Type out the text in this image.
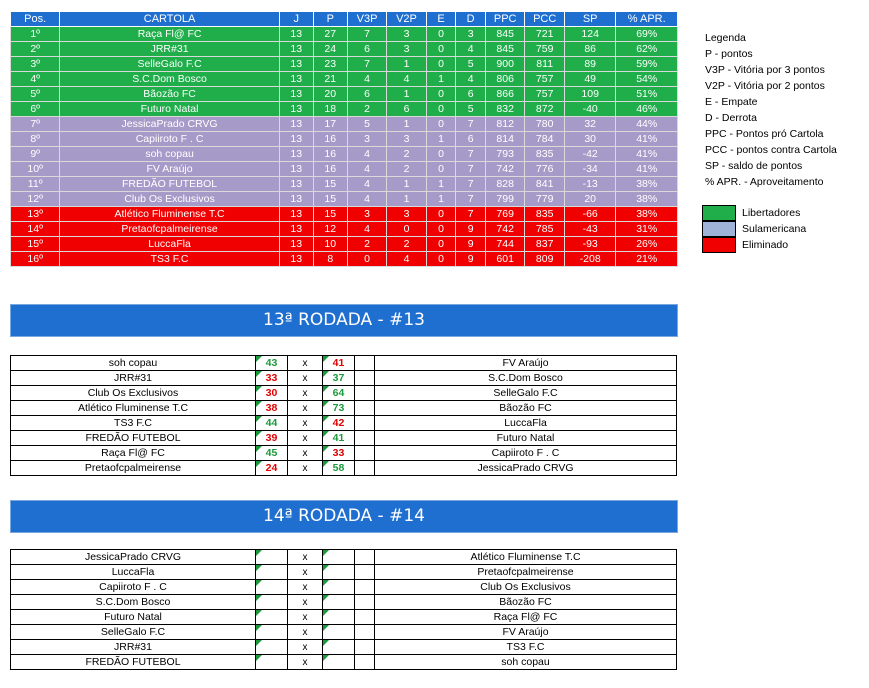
Pos.	CARTOLA	J	P	V3P	V2P	E	D	PPC	PCC	SP	% APR.
1º	Raça Fl@ FC	13	27	7	3	0	3	845	721	124	69%
2º	JRR#31	13	24	6	3	0	4	845	759	86	62%
3º	SelleGalo F.C	13	23	7	1	0	5	900	811	89	59%
4º	S.C.Dom Bosco	13	21	4	4	1	4	806	757	49	54%
5º	Bãozão FC	13	20	6	1	0	6	866	757	109	51%
6º	Futuro Natal	13	18	2	6	0	5	832	872	-40	46%
7º	JessicaPrado CRVG	13	17	5	1	0	7	812	780	32	44%
8º	Capiiroto F . C	13	16	3	3	1	6	814	784	30	41%
9º	soh copau	13	16	4	2	0	7	793	835	-42	41%
10º	FV Araújo	13	16	4	2	0	7	742	776	-34	41%
11º	FREDÃO FUTEBOL	13	15	4	1	1	7	828	841	-13	38%
12º	Club Os Exclusivos	13	15	4	1	1	7	799	779	20	38%
13º	Atlético Fluminense T.C	13	15	3	3	0	7	769	835	-66	38%
14º	Pretaofcpalmeirense	13	12	4	0	0	9	742	785	-43	31%
15º	LuccaFla	13	10	2	2	0	9	744	837	-93	26%
16º	TS3 F.C	13	8	0	4	0	9	601	809	-208	21%
Legenda
P - pontos
V3P - Vitória por 3 pontos
V2P - Vitória por 2 pontos
E - Empate
D - Derrota
PPC - Pontos pró Cartola
PCC - pontos contra Cartola
SP - saldo de pontos
% APR. - Aproveitamento
Libertadores
Sulamericana
Eliminado
13ª RODADA - #13
soh copau	43	x	41		FV Araújo
JRR#31	33	x	37		S.C.Dom Bosco
Club Os Exclusivos	30	x	64		SelleGalo F.C
Atlético Fluminense T.C	38	x	73		Bãozão FC
TS3 F.C	44	x	42		LuccaFla
FREDÃO FUTEBOL	39	x	41		Futuro Natal
Raça Fl@ FC	45	x	33		Capiiroto F . C
Pretaofcpalmeirense	24	x	58		JessicaPrado CRVG
14ª RODADA - #14
JessicaPrado CRVG		x			Atlético Fluminense T.C
LuccaFla		x			Pretaofcpalmeirense
Capiiroto F . C		x			Club Os Exclusivos
S.C.Dom Bosco		x			Bãozão FC
Futuro Natal		x			Raça Fl@ FC
SelleGalo F.C		x			FV Araújo
JRR#31		x			TS3 F.C
FREDÃO FUTEBOL		x			soh copau
